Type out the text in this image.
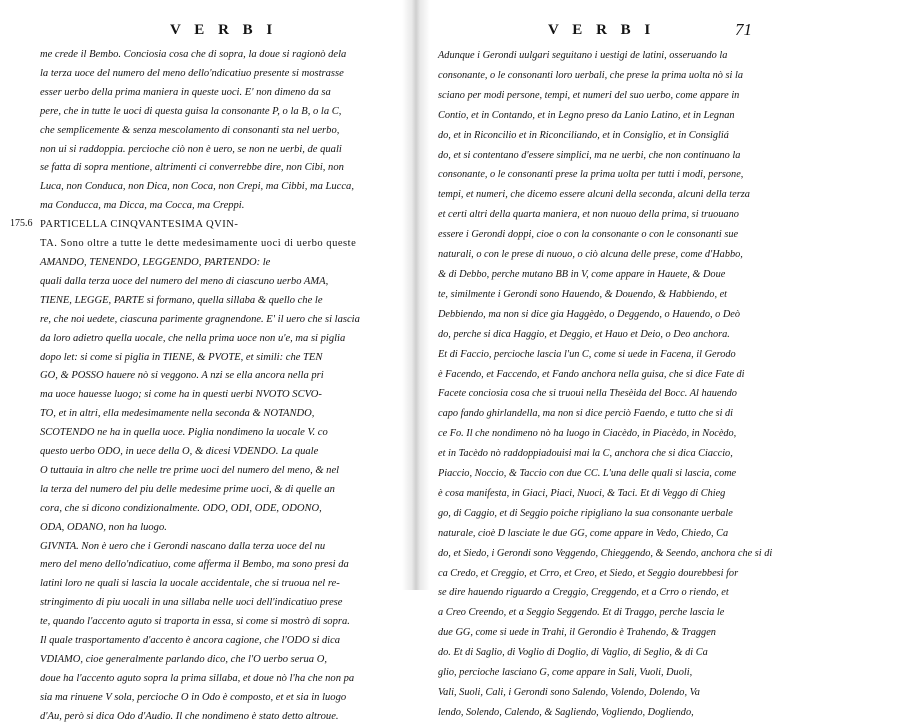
V E R B I
me crede il Bembo. Conciosia cosa che di sopra, la doue si ragionò dela
la terza uoce del numero del meno dello'ndicatiuo presente si mostrasse
esser uerbo della prima maniera in queste uoci. E' non dimeno da sa
pere, che in tutte le uoci di questa guisa la consonante P, o la B, o la C,
che semplicemente & senza mescolamento di consonanti sta nel uerbo,
non ui si raddoppia. percioche ciò non è uero, se non ne uerbi, de quali
se fatta di sopra mentione, altrimenti ci converrebbe dire, non Cibi, non
Luca, non Conduca, non Dica, non Coca, non Crepi, ma Cibbi, ma Lucca,
ma Conducca, ma Dicca, ma Cocca, ma Creppi.
PARTICELLA CINQVANTESIMA QVIN-
TA. Sono oltre a tutte le dette medesimamente uoci di uerbo queste
AMANDO, TENENDO, LEGGENDO, PARTENDO: le
quali dalla terza uoce del numero del meno di ciascuno uerbo AMA,
TIENE, LEGGE, PARTE si formano, quella sillaba & quello che le
re, che noi uedete, ciascuna parimente gragnendone. E' il uero che si lascia
da loro adietro quella uocale, che nella prima uoce non u'e, ma si piglia
dopo let: si come si piglia in TIENE, & PVOTE, et simili: che TEN
GO, & POSSO hauere nò si veggono. A nzi se ella ancora nella pri
ma uoce hauesse luogo; si come ha in questi uerbi NVOTO SCVO-
TO, et in altri, ella medesimamente nella seconda & NOTANDO,
SCOTENDO ne ha in quella uoce. Piglia nondimeno la uocale V. co
questo uerbo ODO, in uece della O, & dicesi VDENDO. La quale
O tuttauia in altro che nelle tre prime uoci del numero del meno, & nel
la terza del numero del piu delle medesime prime uoci, & di quelle an
cora, che si dicono condizionalmente. ODO, ODI, ODE, ODONO,
ODA, ODANO, non ha luogo.
GIVNTA. Non è uero che i Gerondi nascano dalla terza uoce del nu
mero del meno dello'ndicatiuo, come afferma il Bembo, ma sono presi da
latini loro ne quali si lascia la uocale accidentale, che si truoua nel re-
stringimento di piu uocali in una sillaba nelle uoci dell'indicatiuo prese
te, quando l'accento aguto si traporta in essa, si come si mostrò di sopra.
Il quale trasportamento d'accento è ancora cagione, che l'ODO si dica
VDIAMO, cioe generalmente parlando dico, che l'O uerbo serua O,
doue ha l'accento aguto sopra la prima sillaba, et doue nò l'ha che non pa
sia ma rinuene V sola, percioche O in Odo è composto, et et sia in luogo
d'Au, però si dica Odo d'Audio. Il che nondimeno è stato detto altroue.
V E R B I	71
Adunque i Gerondi uulgari seguitano i uestigi de latini, osseruando la
consonante, o le consonanti loro uerbali, che prese la prima uolta nò si la
sciano per modi persone, tempi, et numeri del suo uerbo, come appare in
Contio, et in Contando, et in Legno preso da Lanio Latino, et in Legnan
do, et in Riconcilio et in Riconciliando, et in Consiglio, et in Consigliá
do, et si contentano d'essere simplici, ma ne uerbi, che non continuano la
consonante, o le consonanti prese la prima uolta per tutti i modi, persone,
tempi, et numeri, che dicemo essere alcuni della seconda, alcuni della terza
et certi altri della quarta maniera, et non nuouo della prima, si truouano
essere i Gerondi doppi, cioe o con la consonante o con le consonanti sue
naturali, o con le prese di nuouo, o ciò alcuna delle prese, come d'Habbo,
& di Debbo, perche mutano BB in V, come appare in Hauete, & Doue
te, similmente i Gerondi sono Hauendo, & Douendo, & Habbiendo, et
Debbiendo, ma non si dice gia Haggèdo, o Deggendo, o Hauendo, o Deò
do, perche si dica Haggio, et Deggio, et Hauo et Deio, o Deo anchora.
Et di Faccio, percioche lascia l'un C, come si uede in Facena, il Gerodo
è Facendo, et Faccendo, et Fando anchora nella guisa, che si dice Fate di
Facete conciosia cosa che si truoui nella Thesèida del Bocc. Al hauendo
capo fando ghirlandella, ma non si dice perciò Faendo, e tutto che si di
ce Fo. Il che nondimeno nò ha luogo in Ciacèdo, in Piacèdo, in Nocèdo,
et in Tacèdo nò raddoppiadouisi mai la C, anchora che si dica Ciaccio,
Piaccio, Noccio, & Taccio con due CC. L'una delle quali si lascia, come
è cosa manifesta, in Giaci, Piaci, Nuoci, & Taci. Et di Veggo di Chieg
go, di Caggio, et di Seggio poiche ripigliano la sua consonante uerbale
naturale, cioè D lasciate le due GG, come appare in Vedo, Chiedo, Ca
do, et Siedo, i Gerondi sono Veggendo, Chieggendo, & Seendo, anchora che si di
ca Credo, et Creggio, et Crro, et Creo, et Siedo, et Seggio dourebbesi for
se dire hauendo riguardo a Creggio, Creggendo, et a Crro o riendo, et
a Creo Creendo, et a Seggio Seggendo. Et di Traggo, perche lascia le
due GG, come si uede in Trahi, il Gerondio è Trahendo, & Traggen
do. Et di Saglio, di Voglio di Doglio, di Vaglio, di Seglio, & di Ca
glio, percioche lasciano G, come appare in Sali, Vuoli, Duoli,
Vali, Suoli, Cali, i Gerondi sono Salendo, Volendo, Dolendo, Va
lendo, Solendo, Calendo, & Sagliendo, Vogliendo, Dogliendo,
175.6
